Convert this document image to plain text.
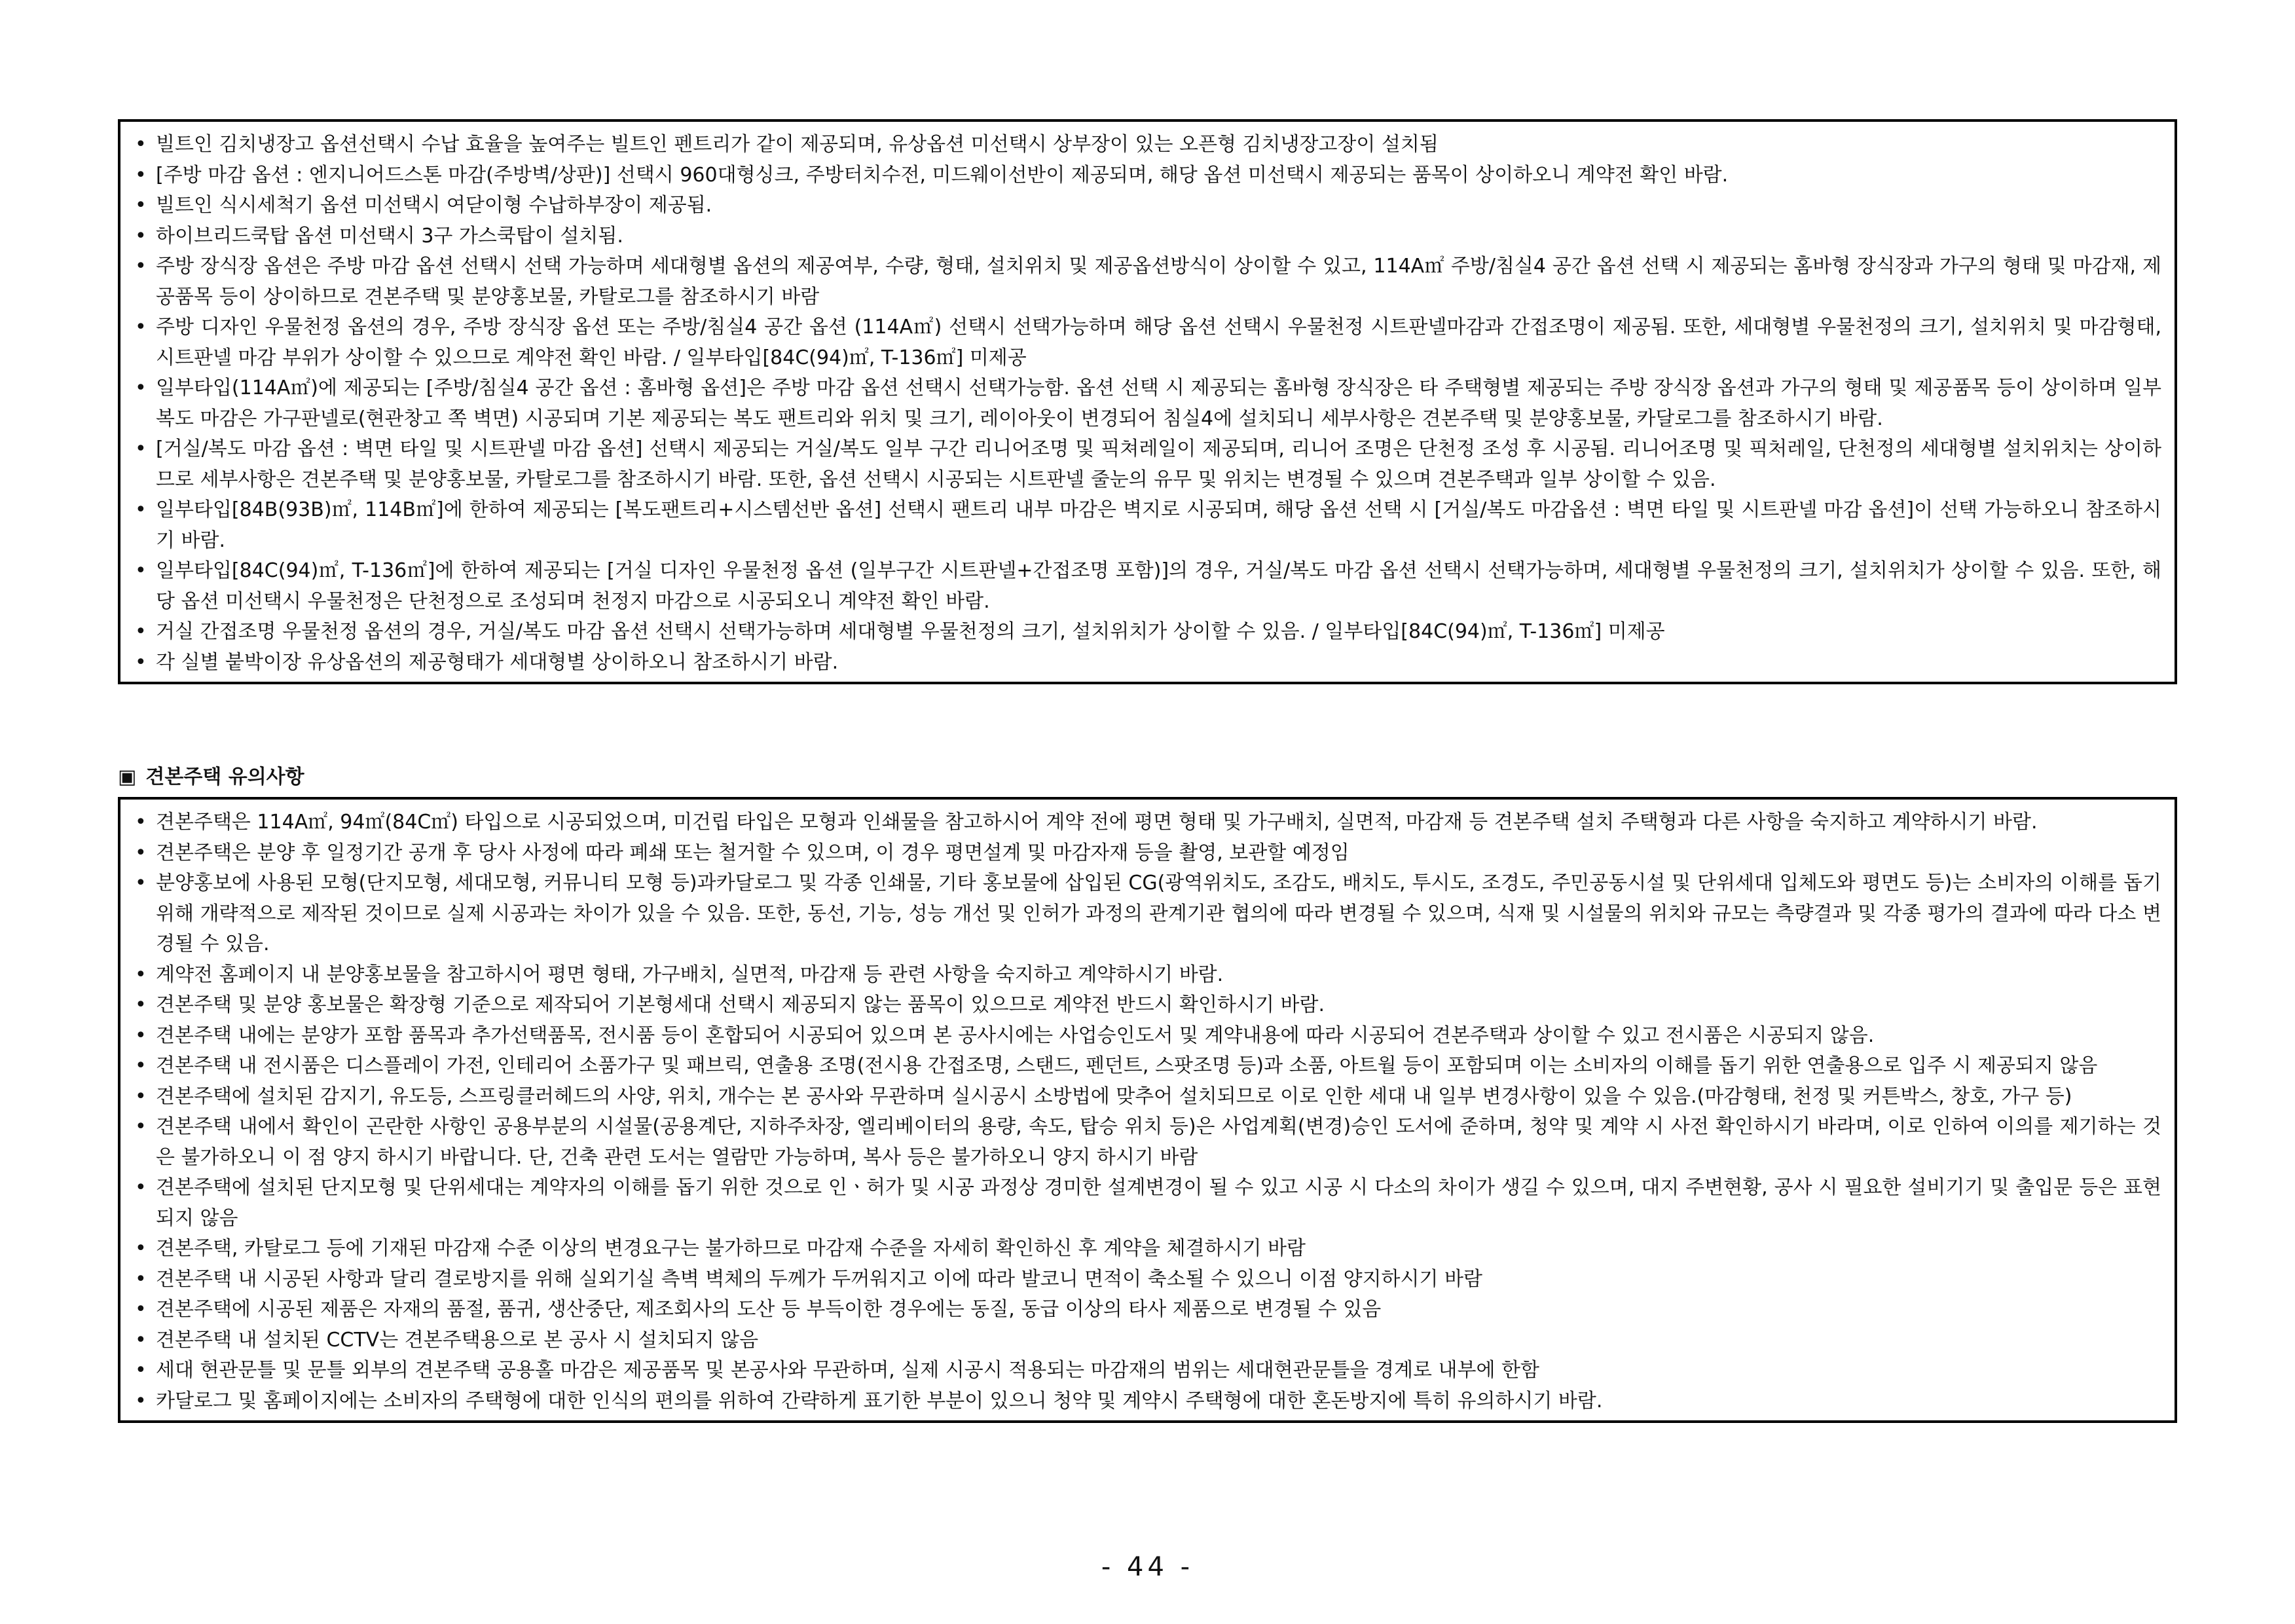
• 빌트인 김치냉장고 옵션선택시 수납 효율을 높여주는 빌트인 펜트리가 같이 제공되며, 유상옵션 미선택시 상부장이 있는 오픈형 김치냉장고장이 설치됨
• [주방 마감 옵션 : 엔지니어드스톤 마감(주방벽/상판)] 선택시 960대형싱크, 주방터치수전, 미드웨이선반이 제공되며, 해당 옵션 미선택시 제공되는 품목이 상이하오니 계약전 확인 바람.
• 빌트인 식시세척기 옵션 미선택시 여닫이형 수납하부장이 제공됨.
• 하이브리드쿡탑 옵션 미선택시 3구 가스쿡탑이 설치됨.
• 주방 장식장 옵션은 주방 마감 옵션 선택시 선택 가능하며 세대형별 옵션의 제공여부, 수량, 형태, 설치위치 및 제공옵션방식이 상이할 수 있고, 114A㎡ 주방/침실4 공간 옵션 선택 시 제공되는 홈바형 장식장과 가구의 형태 및 마감재, 제공품목 등이 상이하므로 견본주택 및 분양홍보물, 카탈로그를 참조하시기 바람
• 주방 디자인 우물천정 옵션의 경우, 주방 장식장 옵션 또는 주방/침실4 공간 옵션 (114A㎡) 선택시 선택가능하며 해당 옵션 선택시 우물천정 시트판넬마감과 간접조명이 제공됨. 또한, 세대형별 우물천정의 크기, 설치위치 및 마감형태, 시트판넬 마감 부위가 상이할 수 있으므로 계약전 확인 바람. / 일부타입[84C(94)㎡, T-136㎡] 미제공
• 일부타입(114A㎡)에 제공되는 [주방/침실4 공간 옵션 : 홈바형 옵션]은 주방 마감 옵션 선택시 선택가능함. 옵션 선택 시 제공되는 홈바형 장식장은 타 주택형별 제공되는 주방 장식장 옵션과 가구의 형태 및 제공품목 등이 상이하며 일부 복도 마감은 가구판넬로(현관창고 쪽 벽면) 시공되며 기본 제공되는 복도 팬트리와 위치 및 크기, 레이아웃이 변경되어 침실4에 설치되니 세부사항은 견본주택 및 분양홍보물, 카달로그를 참조하시기 바람.
• [거실/복도 마감 옵션 : 벽면 타일 및 시트판넬 마감 옵션] 선택시 제공되는 거실/복도 일부 구간 리니어조명 및 픽쳐레일이 제공되며, 리니어 조명은 단천정 조성 후 시공됨. 리니어조명 및 픽처레일, 단천정의 세대형별 설치위치는 상이하므로 세부사항은 견본주택 및 분양홍보물, 카탈로그를 참조하시기 바람. 또한, 옵션 선택시 시공되는 시트판넬 줄눈의 유무 및 위치는 변경될 수 있으며 견본주택과 일부 상이할 수 있음.
• 일부타입[84B(93B)㎡, 114B㎡]에 한하여 제공되는 [복도팬트리+시스템선반 옵션] 선택시 팬트리 내부 마감은 벽지로 시공되며, 해당 옵션 선택 시 [거실/복도 마감옵션 : 벽면 타일 및 시트판넬 마감 옵션]이 선택 가능하오니 참조하시기 바람.
• 일부타입[84C(94)㎡, T-136㎡]에 한하여 제공되는 [거실 디자인 우물천정 옵션 (일부구간 시트판넬+간접조명 포함)]의 경우, 거실/복도 마감 옵션 선택시 선택가능하며, 세대형별 우물천정의 크기, 설치위치가 상이할 수 있음. 또한, 해당 옵션 미선택시 우물천정은 단천정으로 조성되며 천정지 마감으로 시공되오니 계약전 확인 바람.
• 거실 간접조명 우물천정 옵션의 경우, 거실/복도 마감 옵션 선택시 선택가능하며 세대형별 우물천정의 크기, 설치위치가 상이할 수 있음. / 일부타입[84C(94)㎡, T-136㎡] 미제공
• 각 실별 붙박이장 유상옵션의 제공형태가 세대형별 상이하오니 참조하시기 바람.
▣ 견본주택 유의사항
• 견본주택은 114A㎡, 94㎡(84C㎡) 타입으로 시공되었으며, 미건립 타입은 모형과 인쇄물을 참고하시어 계약 전에 평면 형태 및 가구배치, 실면적, 마감재 등 견본주택 설치 주택형과 다른 사항을 숙지하고 계약하시기 바람.
• 견본주택은 분양 후 일정기간 공개 후 당사 사정에 따라 폐쇄 또는 철거할 수 있으며, 이 경우 평면설계 및 마감자재 등을 촬영, 보관할 예정임
• 분양홍보에 사용된 모형(단지모형, 세대모형, 커뮤니티 모형 등)과카달로그 및 각종 인쇄물, 기타 홍보물에 삽입된 CG(광역위치도, 조감도, 배치도, 투시도, 조경도, 주민공동시설 및 단위세대 입체도와 평면도 등)는 소비자의 이해를 돕기 위해 개략적으로 제작된 것이므로 실제 시공과는 차이가 있을 수 있음. 또한, 동선, 기능, 성능 개선 및 인허가 과정의 관계기관 협의에 따라 변경될 수 있으며, 식재 및 시설물의 위치와 규모는 측량결과 및 각종 평가의 결과에 따라 다소 변경될 수 있음.
• 계약전 홈페이지 내 분양홍보물을 참고하시어 평면 형태, 가구배치, 실면적, 마감재 등 관련 사항을 숙지하고 계약하시기 바람.
• 견본주택 및 분양 홍보물은 확장형 기준으로 제작되어 기본형세대 선택시 제공되지 않는 품목이 있으므로 계약전 반드시 확인하시기 바람.
• 견본주택 내에는 분양가 포함 품목과 추가선택품목, 전시품 등이 혼합되어 시공되어 있으며 본 공사시에는 사업승인도서 및 계약내용에 따라 시공되어 견본주택과 상이할 수 있고 전시품은 시공되지 않음.
• 견본주택 내 전시품은 디스플레이 가전, 인테리어 소품가구 및 패브릭, 연출용 조명(전시용 간접조명, 스탠드, 펜던트, 스팟조명 등)과 소품, 아트월 등이 포함되며 이는 소비자의 이해를 돕기 위한 연출용으로 입주 시 제공되지 않음
• 견본주택에 설치된 감지기, 유도등, 스프링클러헤드의 사양, 위치, 개수는 본 공사와 무관하며 실시공시 소방법에 맞추어 설치되므로 이로 인한 세대 내 일부 변경사항이 있을 수 있음.(마감형태, 천정 및 커튼박스, 창호, 가구 등)
• 견본주택 내에서 확인이 곤란한 사항인 공용부분의 시설물(공용계단, 지하주차장, 엘리베이터의 용량, 속도, 탑승 위치 등)은 사업계획(변경)승인 도서에 준하며, 청약 및 계약 시 사전 확인하시기 바라며, 이로 인하여 이의를 제기하는 것은 불가하오니 이 점 양지 하시기 바랍니다. 단, 건축 관련 도서는 열람만 가능하며, 복사 등은 불가하오니 양지 하시기 바람
• 견본주택에 설치된 단지모형 및 단위세대는 계약자의 이해를 돕기 위한 것으로 인ㆍ허가 및 시공 과정상 경미한 설계변경이 될 수 있고 시공 시 다소의 차이가 생길 수 있으며, 대지 주변현황, 공사 시 필요한 설비기기 및 출입문 등은 표현되지 않음
• 견본주택, 카탈로그 등에 기재된 마감재 수준 이상의 변경요구는 불가하므로 마감재 수준을 자세히 확인하신 후 계약을 체결하시기 바람
• 견본주택 내 시공된 사항과 달리 결로방지를 위해 실외기실 측벽 벽체의 두께가 두꺼워지고 이에 따라 발코니 면적이 축소될 수 있으니 이점 양지하시기 바람
• 견본주택에 시공된 제품은 자재의 품절, 품귀, 생산중단, 제조회사의 도산 등 부득이한 경우에는 동질, 동급 이상의 타사 제품으로 변경될 수 있음
• 견본주택 내 설치된 CCTV는 견본주택용으로 본 공사 시 설치되지 않음
• 세대 현관문틀 및 문틀 외부의 견본주택 공용홀 마감은 제공품목 및 본공사와 무관하며, 실제 시공시 적용되는 마감재의 범위는 세대현관문틀을 경계로 내부에 한함
• 카달로그 및 홈페이지에는 소비자의 주택형에 대한 인식의 편의를 위하여 간략하게 표기한 부분이 있으니 청약 및 계약시 주택형에 대한 혼돈방지에 특히 유의하시기 바람.
- 44 -
